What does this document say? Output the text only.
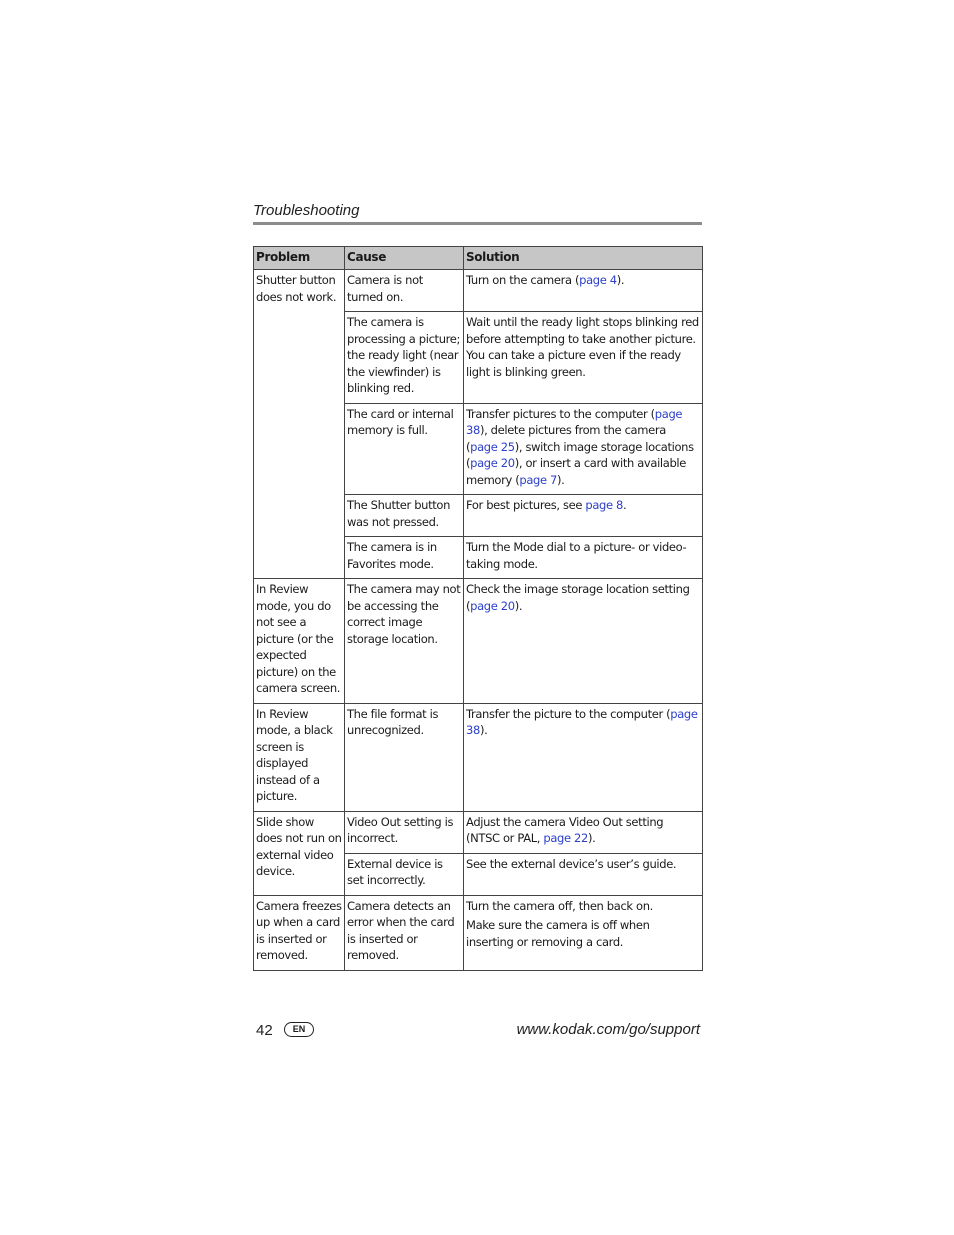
Troubleshooting
Problem	Cause	Solution
Shutter button does not work.	Camera is not turned on.	Turn on the camera (page 4).

	The camera is processing a picture; the ready light (near the viewfinder) is blinking red.	Wait until the ready light stops blinking red before attempting to take another picture. You can take a picture even if the ready light is blinking green.

	The card or internal memory is full.	Transfer pictures to the computer (page 38), delete pictures from the camera (page 25), switch image storage locations (page 20), or insert a card with available memory (page 7).

	The Shutter button was not pressed.	For best pictures, see page 8.

	The camera is in Favorites mode.	Turn the Mode dial to a picture- or video-taking mode.

In Review mode, you do not see a picture (or the expected picture) on the camera screen.	The camera may not be accessing the correct image storage location.	Check the image storage location setting (page 20).

In Review mode, a black screen is displayed instead of a picture.	The file format is unrecognized.	Transfer the picture to the computer (page 38).

Slide show does not run on external video device.	Video Out setting is incorrect.	Adjust the camera Video Out setting (NTSC or PAL, page 22).

	External device is set incorrectly.	See the external device’s user’s guide.

Camera freezes up when a card is inserted or removed.	Camera detects an error when the card is inserted or removed.	Turn the camera off, then back on.
Make sure the camera is off when inserting or removing a card.
42	EN	www.kodak.com/go/support
